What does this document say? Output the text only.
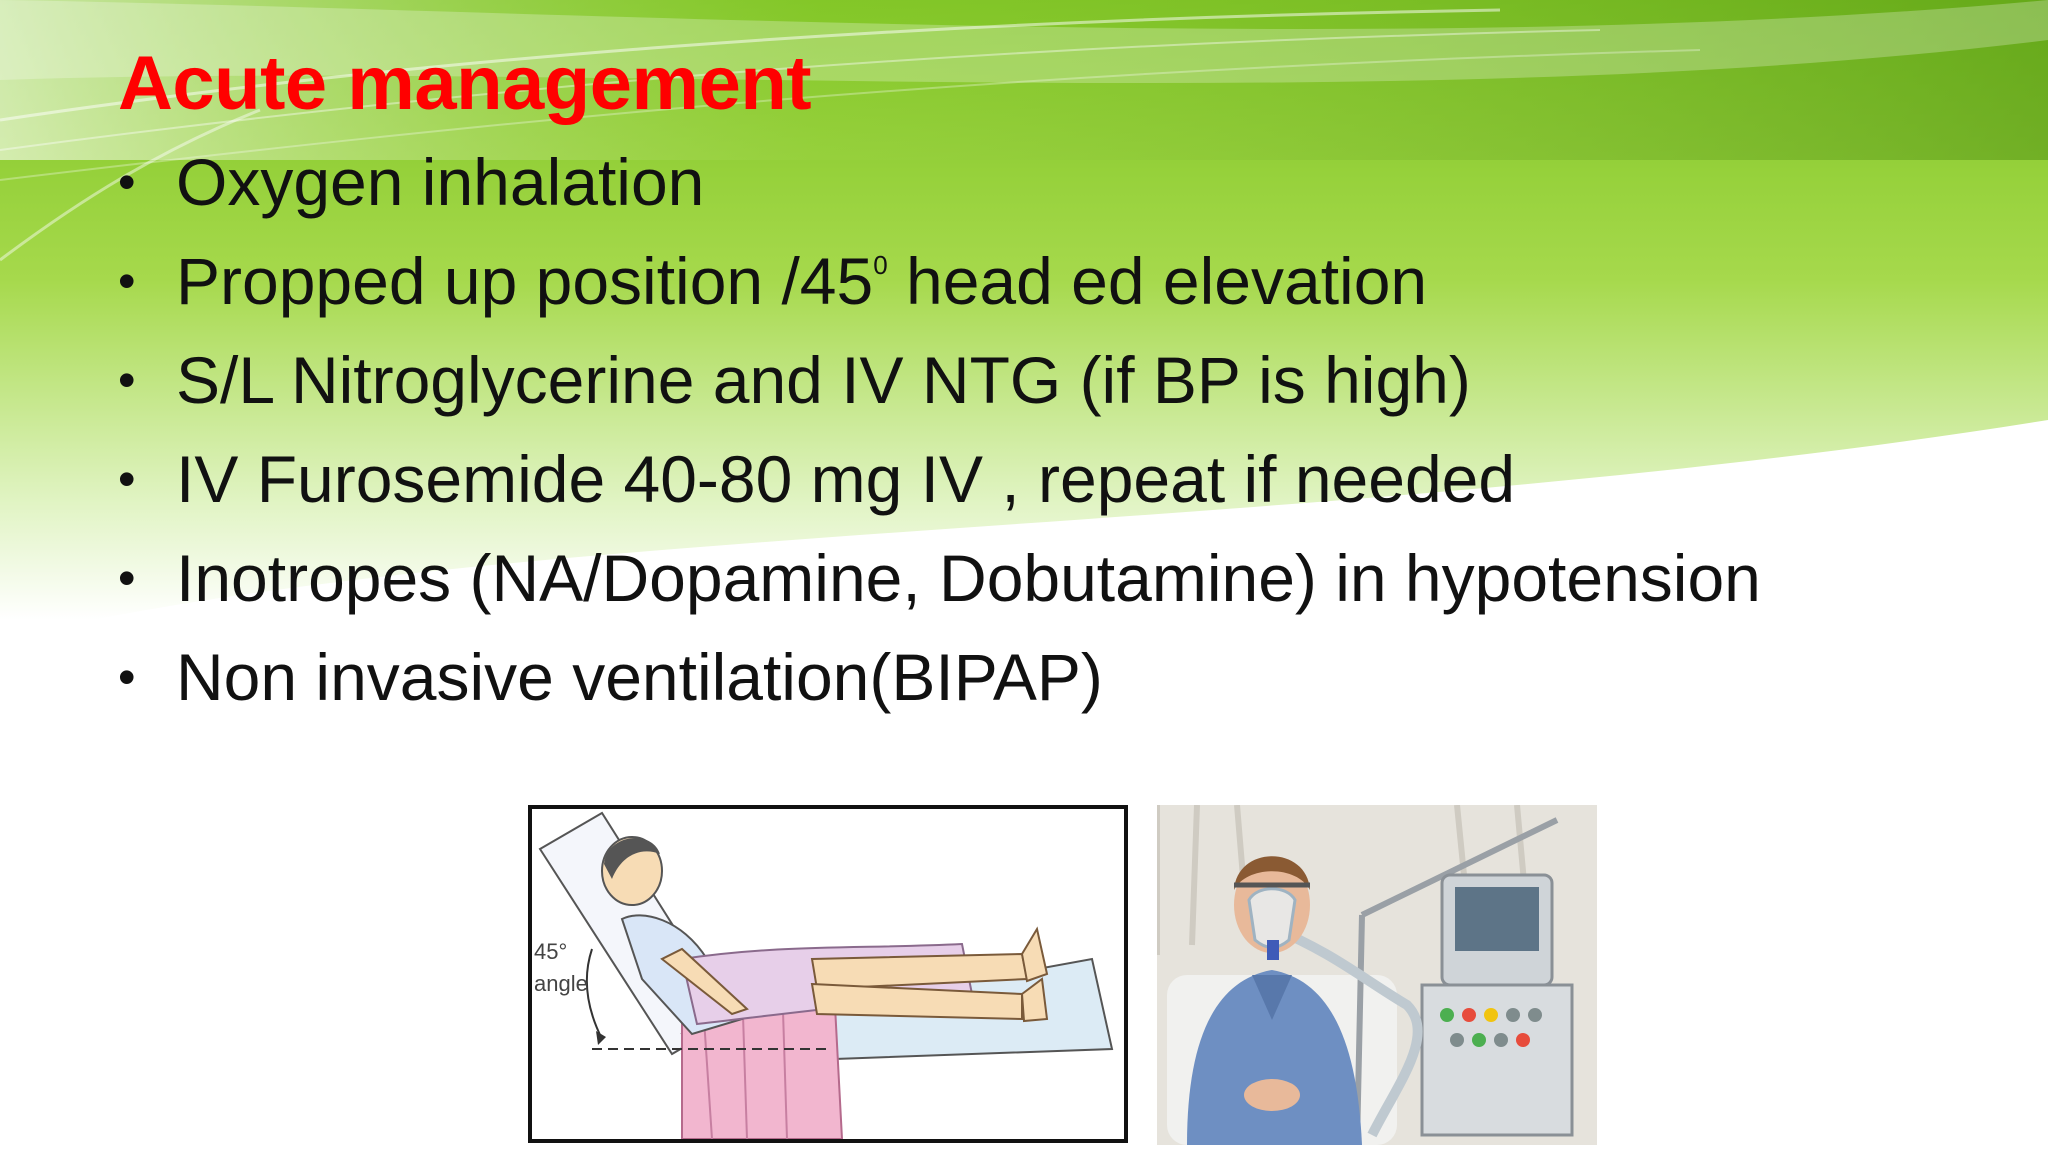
Acute management
• Oxygen inhalation
• Propped up position $/45^0$ head ed elevation
• S/L Nitroglycerine and IV NTG (if BP is high)
• IV Furosemide 40-80 mg IV , repeat if needed
• Inotropes (NA/Dopamine, Dobutamine) in hypotension
• Non invasive ventilation(BIPAP)
45°
angle
